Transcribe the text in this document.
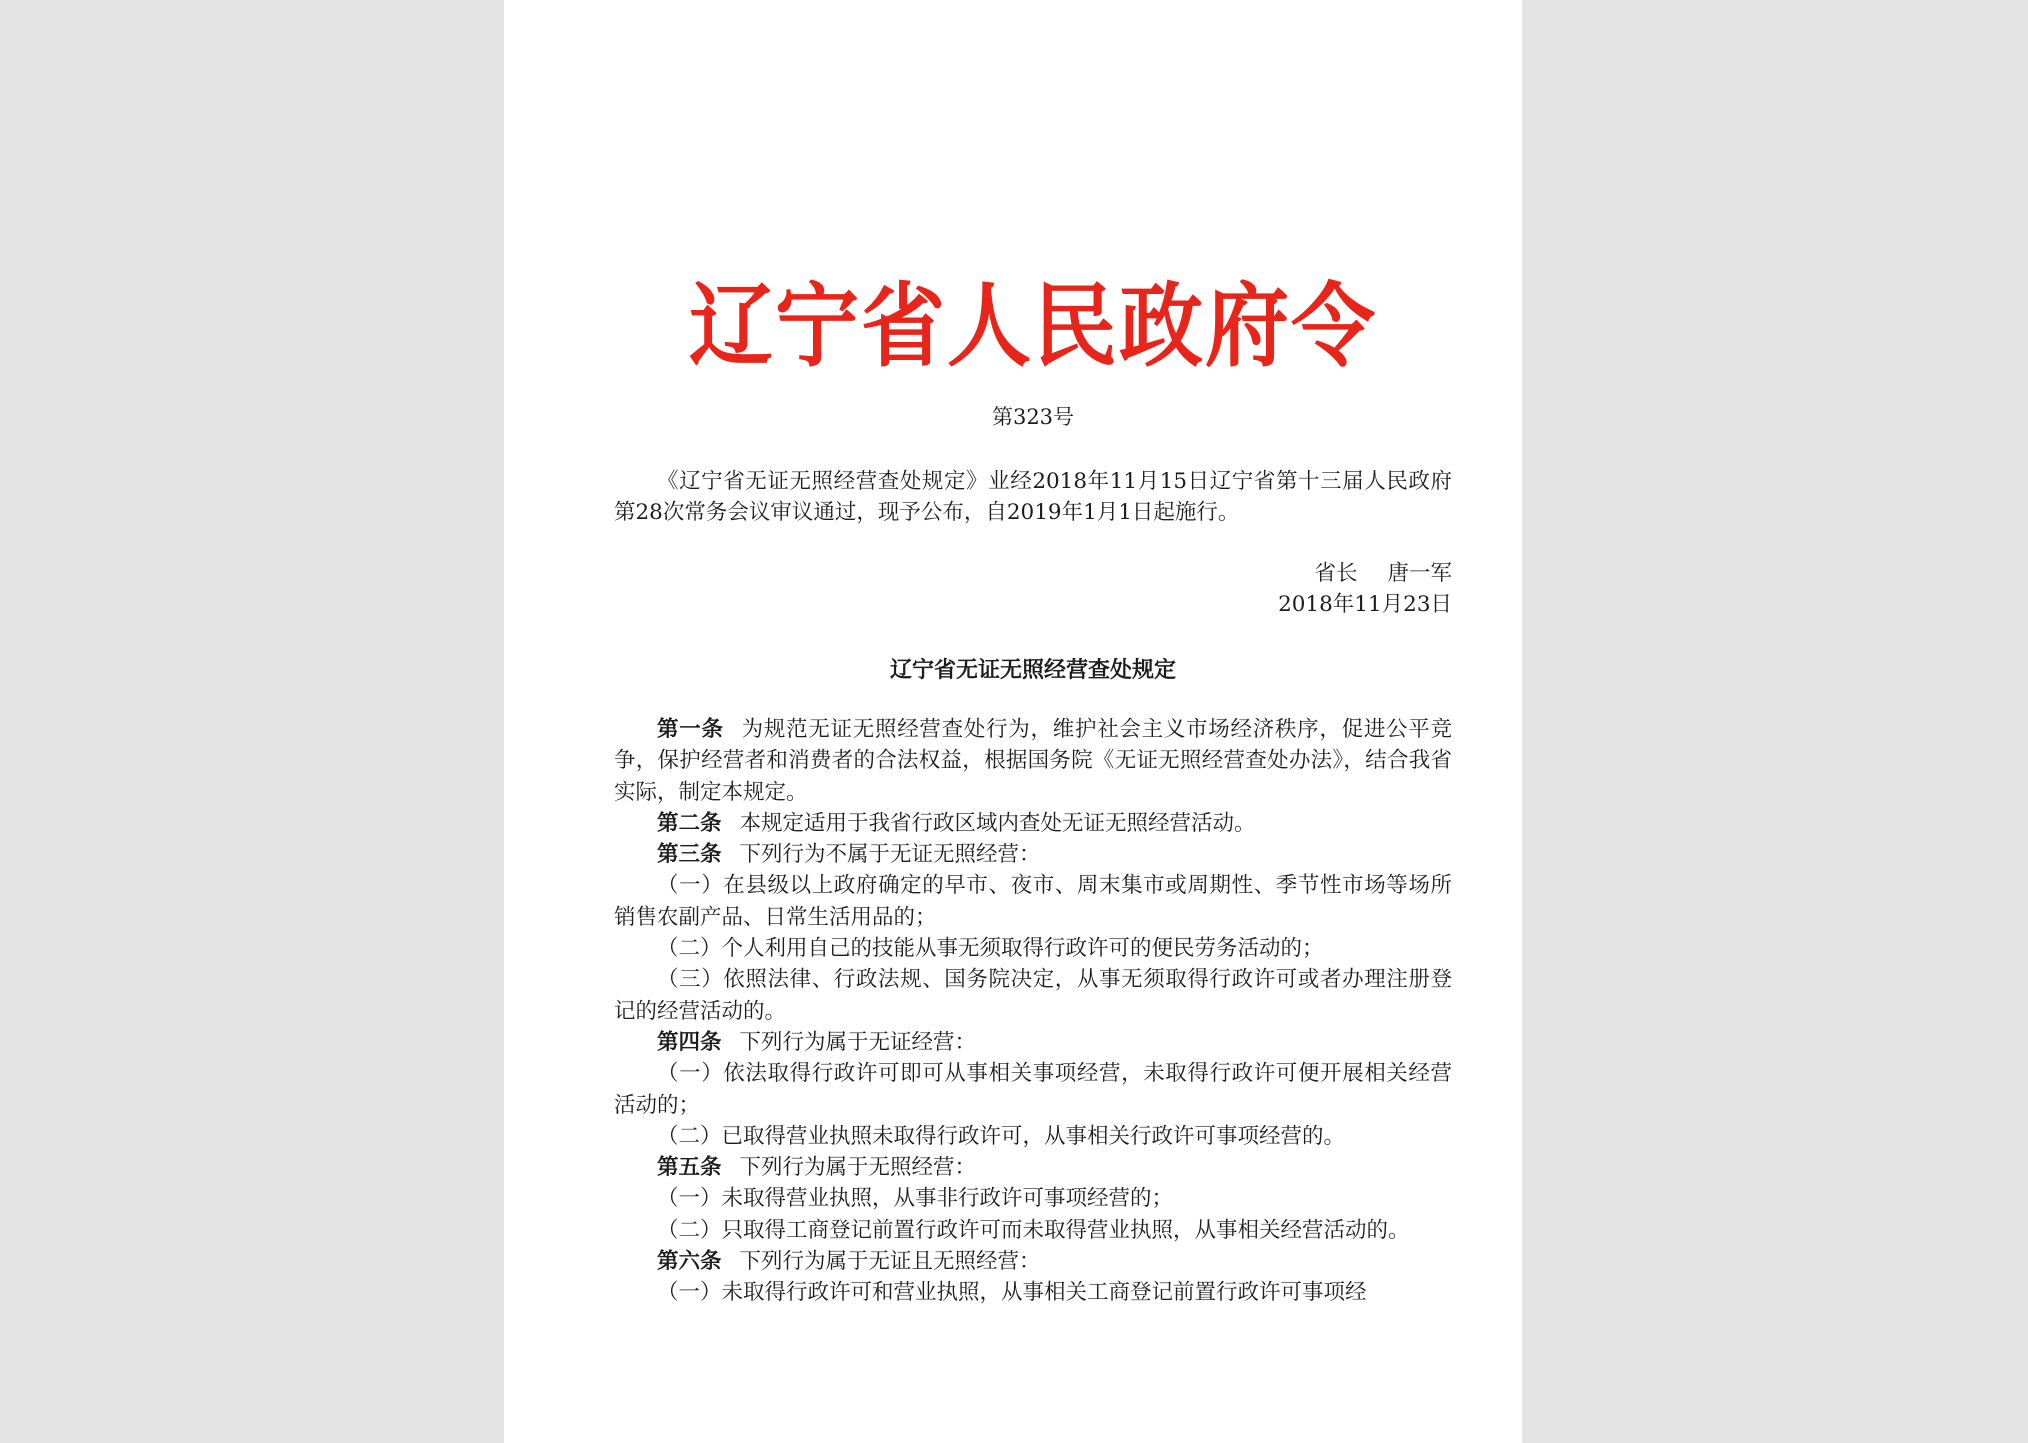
辽宁省人民政府令
第323号

《辽宁省无证无照经营查处规定》业经2018年11月15日辽宁省第十三届人民政府第28次常务会议审议通过，现予公布，自2019年1月1日起施行。

省长 唐一军
2018年11月23日
辽宁省无证无照经营查处规定

第一条 为规范无证无照经营查处行为，维护社会主义市场经济秩序，促进公平竞争，保护经营者和消费者的合法权益，根据国务院《无证无照经营查处办法》，结合我省实际，制定本规定。

第二条 本规定适用于我省行政区域内查处无证无照经营活动。

第三条 下列行为不属于无证无照经营：

（一）在县级以上政府确定的早市、夜市、周末集市或周期性、季节性市场等场所销售农副产品、日常生活用品的；

（二）个人利用自己的技能从事无须取得行政许可的便民劳务活动的；

（三）依照法律、行政法规、国务院决定，从事无须取得行政许可或者办理注册登记的经营活动的。

第四条 下列行为属于无证经营：

（一）依法取得行政许可即可从事相关事项经营，未取得行政许可便开展相关经营活动的；

（二）已取得营业执照未取得行政许可，从事相关行政许可事项经营的。

第五条 下列行为属于无照经营：

（一）未取得营业执照，从事非行政许可事项经营的；

（二）只取得工商登记前置行政许可而未取得营业执照，从事相关经营活动的。

第六条 下列行为属于无证且无照经营：

（一）未取得行政许可和营业执照，从事相关工商登记前置行政许可事项经
